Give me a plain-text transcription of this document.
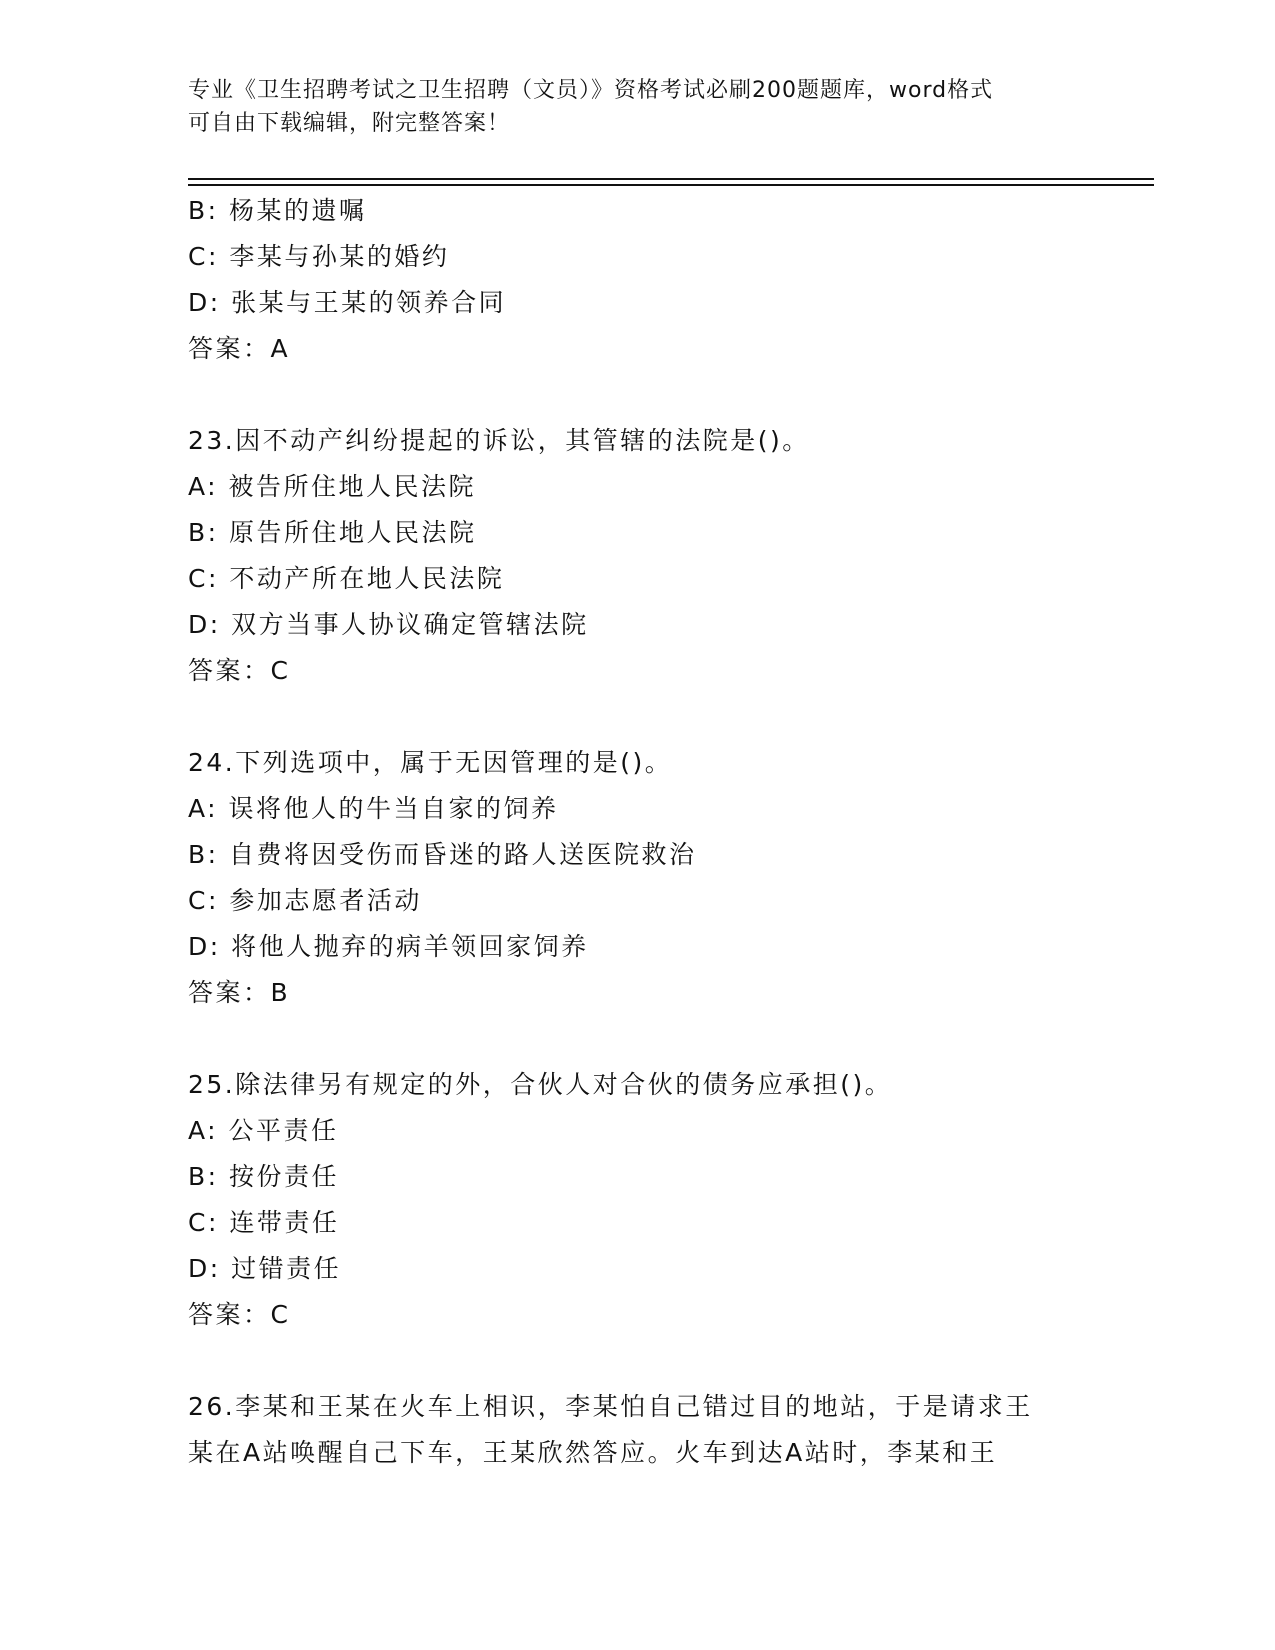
专业《卫生招聘考试之卫生招聘（文员）》资格考试必刷200题题库，word格式
可自由下载编辑，附完整答案！
B: 杨某的遗嘱
C: 李某与孙某的婚约
D: 张某与王某的领养合同
答案：A
23.因不动产纠纷提起的诉讼，其管辖的法院是()。
A: 被告所住地人民法院
B: 原告所住地人民法院
C: 不动产所在地人民法院
D: 双方当事人协议确定管辖法院
答案：C
24.下列选项中，属于无因管理的是()。
A: 误将他人的牛当自家的饲养
B: 自费将因受伤而昏迷的路人送医院救治
C: 参加志愿者活动
D: 将他人抛弃的病羊领回家饲养
答案：B
25.除法律另有规定的外，合伙人对合伙的债务应承担()。
A: 公平责任
B: 按份责任
C: 连带责任
D: 过错责任
答案：C
26.李某和王某在火车上相识，李某怕自己错过目的地站，于是请求王
某在A站唤醒自己下车，王某欣然答应。火车到达A站时，李某和王
